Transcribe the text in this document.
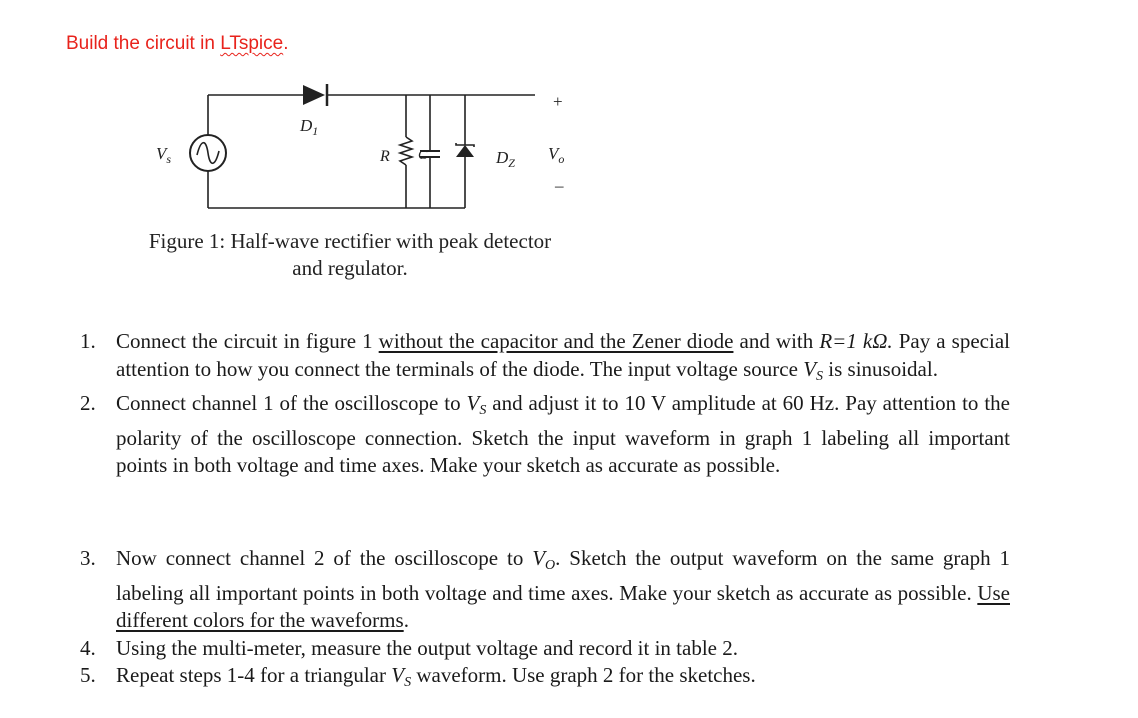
Build the circuit in LTspice.
$V_s$
$D_1$
R C	$D_Z$ $V_o$
+
–
Figure 1: Half-wave rectifier with peak detector
and regulator.
1. Connect the circuit in figure 1 without the capacitor and the Zener diode and with R=1 kΩ. Pay a special attention to how you connect the terminals of the diode. The input voltage source $V_S$ is sinusoidal.
2. Connect channel 1 of the oscilloscope to $V_S$ and adjust it to 10 V amplitude at 60 Hz. Pay attention to the polarity of the oscilloscope connection. Sketch the input waveform in graph 1 labeling all important points in both voltage and time axes. Make your sketch as accurate as possible.
3. Now connect channel 2 of the oscilloscope to $V_O$. Sketch the output waveform on the same graph 1 labeling all important points in both voltage and time axes. Make your sketch as accurate as possible. Use different colors for the waveforms.
4. Using the multi-meter, measure the output voltage and record it in table 2.
5. Repeat steps 1-4 for a triangular $V_S$ waveform. Use graph 2 for the sketches.
